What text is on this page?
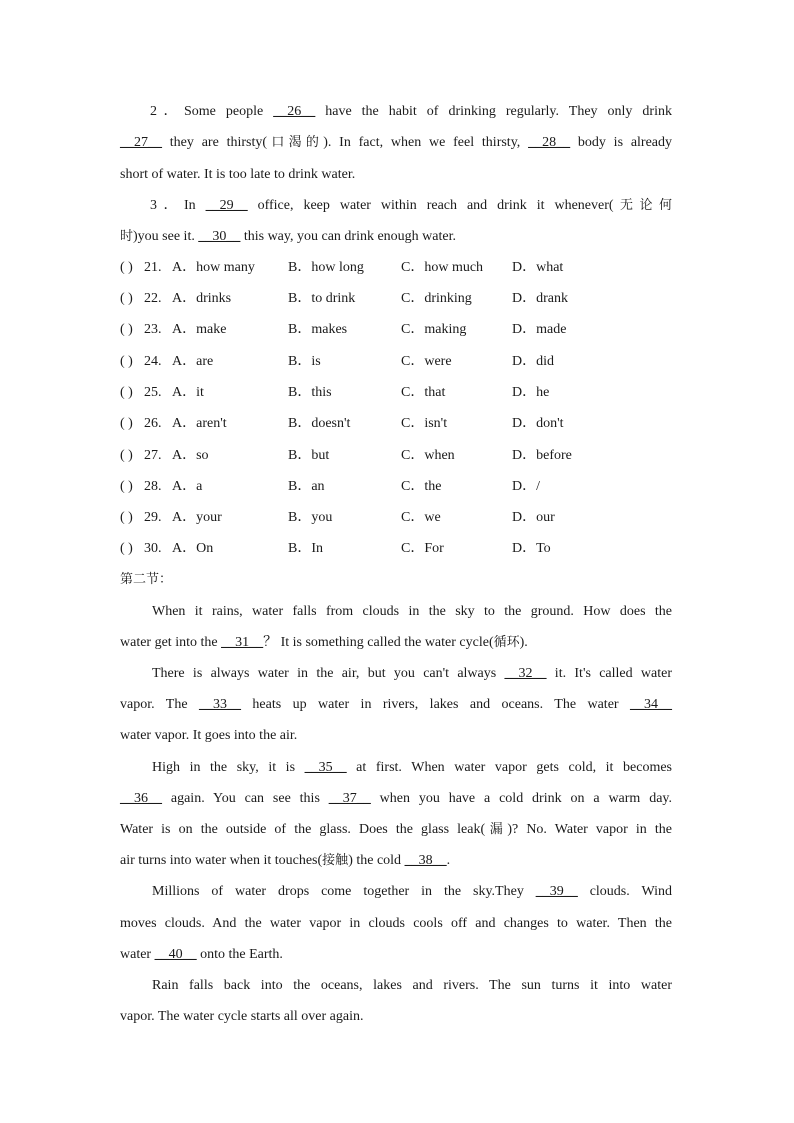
2．Some people __26__ have the habit of drinking regularly. They only drink
__27__ they are thirsty(口渴的). In fact, when we feel thirsty, __28__ body is already
short of water. It is too late to drink water.
3．In __29__ office, keep water within reach and drink it whenever(无论何
时)you see it. __30__ this way, you can drink enough water.
( ) 21. A．how many B．how long	C．how much D．what
( ) 22. A．drinks	B．to drink	C．drinking	D．drank
( ) 23. A．make	B．makes	C．making	D．made
( ) 24. A．are	B．is	C．were	D．did
( ) 25. A．it	B．this	C．that	D．he
( ) 26. A．aren't	B．doesn't	C．isn't	D．don't
( ) 27. A．so	B．but	C．when	D．before
( ) 28. A．a	B．an	C．the	D．/
( ) 29. A．your	B．you	C．we	D．our
( ) 30. A．On	B．In	C．For	D．To
第二节：
When it rains, water falls from clouds in the sky to the ground. How does the
water get into the __31__？ It is something called the water cycle(循环).
There is always water in the air, but you can't always __32__ it. It's called water
vapor. The __33__ heats up water in rivers, lakes and oceans. The water __34__
water vapor. It goes into the air.
High in the sky, it is __35__ at first. When water vapor gets cold, it becomes
__36__ again. You can see this __37__ when you have a cold drink on a warm day.
Water is on the outside of the glass. Does the glass leak(漏)? No. Water vapor in the
air turns into water when it touches(接触) the cold __38__.
Millions of water drops come together in the sky.They __39__ clouds. Wind
moves clouds. And the water vapor in clouds cools off and changes to water. Then the
water __40__ onto the Earth.
Rain falls back into the oceans, lakes and rivers. The sun turns it into water
vapor. The water cycle starts all over again.
